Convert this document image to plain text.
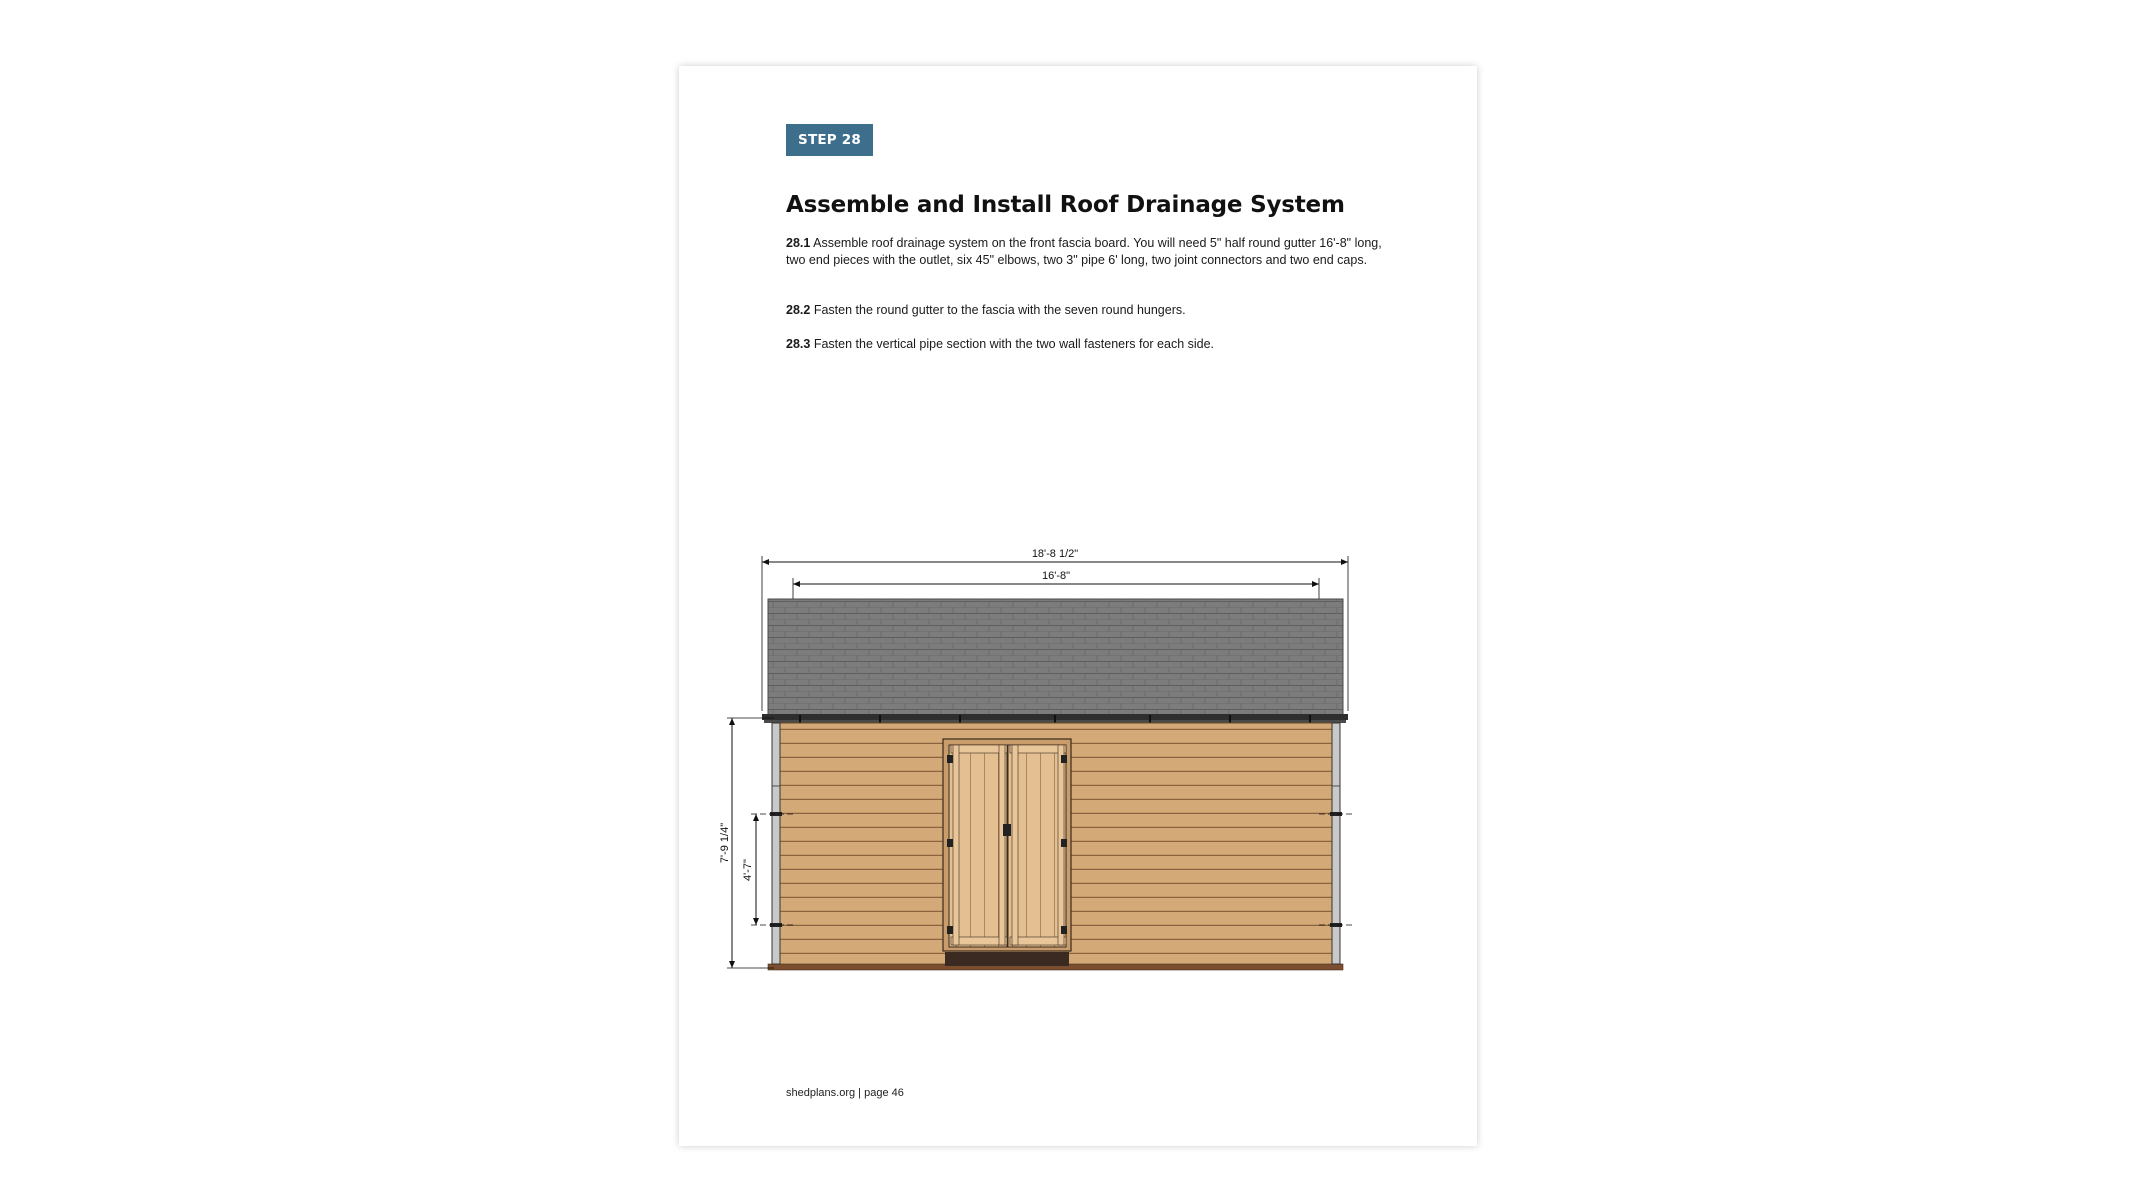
STEP 28
Assemble and Install Roof Drainage System

28.1 Assemble roof drainage system on the front fascia board. You will need 5" half round gutter 16'-8" long, two end pieces with the outlet, six 45" elbows, two 3" pipe 6' long, two joint connectors and two end caps.

28.2 Fasten the round gutter to the fascia with the seven round hungers.

28.3 Fasten the vertical pipe section with the two wall fasteners for each side.

18'-8 1/2"
16'-8"
7'-9 1/4"
4'-7"
shedplans.org | page 46
